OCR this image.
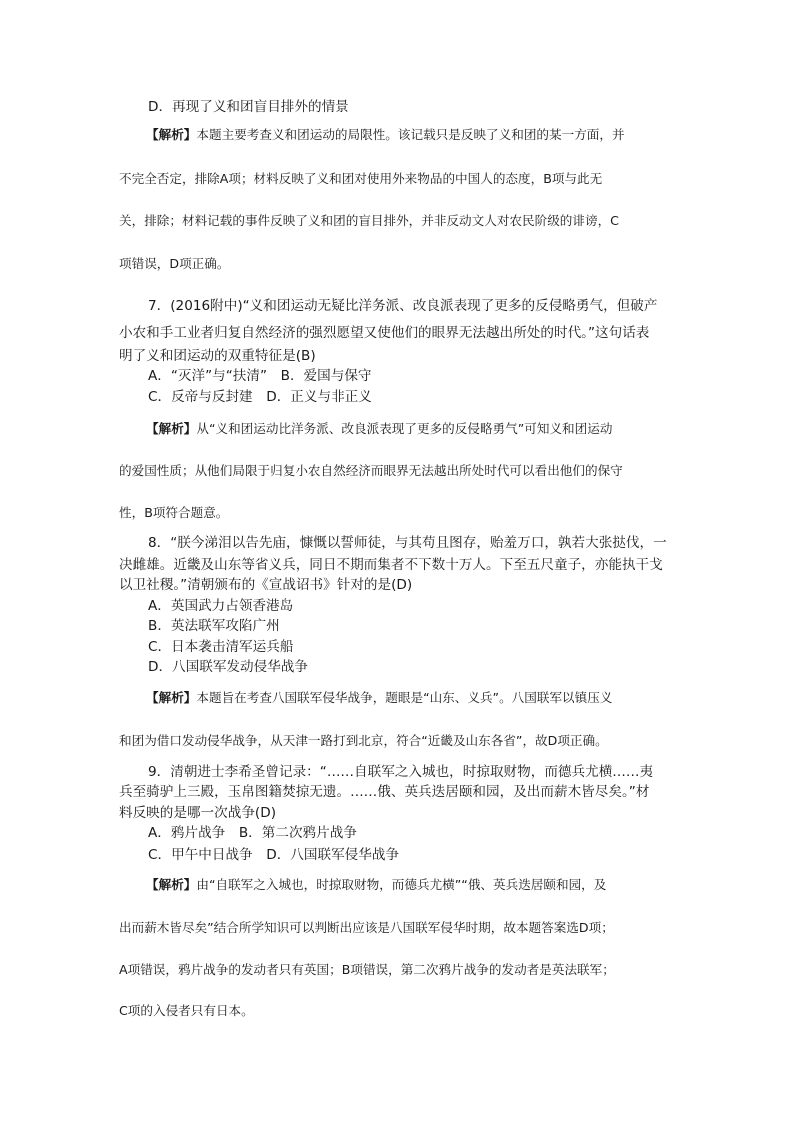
D．再现了义和团盲目排外的情景
【解析】本题主要考查义和团运动的局限性。该记载只是反映了义和团的某一方面，并
不完全否定，排除A项；材料反映了义和团对使用外来物品的中国人的态度，B项与此无
关，排除；材料记载的事件反映了义和团的盲目排外，并非反动文人对农民阶级的诽谤，C
项错误，D项正确。
7．(2016附中)“义和团运动无疑比洋务派、改良派表现了更多的反侵略勇气，但破产
小农和手工业者归复自然经济的强烈愿望又使他们的眼界无法越出所处的时代。”这句话表
明了义和团运动的双重特征是(B)
A．“灭洋”与“扶清”　B．爱国与保守
C．反帝与反封建　D．正义与非正义
【解析】从“义和团运动比洋务派、改良派表现了更多的反侵略勇气”可知义和团运动
的爱国性质；从他们局限于归复小农自然经济而眼界无法越出所处时代可以看出他们的保守
性，B项符合题意。
8．“朕今涕泪以告先庙，慷慨以誓师徒，与其苟且图存，贻羞万口，孰若大张挞伐，一
决雌雄。近畿及山东等省义兵，同日不期而集者不下数十万人。下至五尺童子，亦能执干戈
以卫社稷。”清朝颁布的《宣战诏书》针对的是(D)
A．英国武力占领香港岛
B．英法联军攻陷广州
C．日本袭击清军运兵船
D．八国联军发动侵华战争
【解析】本题旨在考查八国联军侵华战争，题眼是“山东、义兵”。八国联军以镇压义
和团为借口发动侵华战争，从天津一路打到北京，符合“近畿及山东各省”，故D项正确。
9．清朝进士李希圣曾记录：“……自联军之入城也，时掠取财物，而德兵尤横……夷
兵至骑驴上三殿，玉帛图籍焚掠无遗。……俄、英兵迭居颐和园，及出而薪木皆尽矣。”材
料反映的是哪一次战争(D)
A．鸦片战争　B．第二次鸦片战争
C．甲午中日战争　D．八国联军侵华战争
【解析】由“自联军之入城也，时掠取财物，而德兵尤横”“俄、英兵迭居颐和园，及
出而薪木皆尽矣”结合所学知识可以判断出应该是八国联军侵华时期，故本题答案选D项；
A项错误，鸦片战争的发动者只有英国；B项错误，第二次鸦片战争的发动者是英法联军；
C项的入侵者只有日本。
